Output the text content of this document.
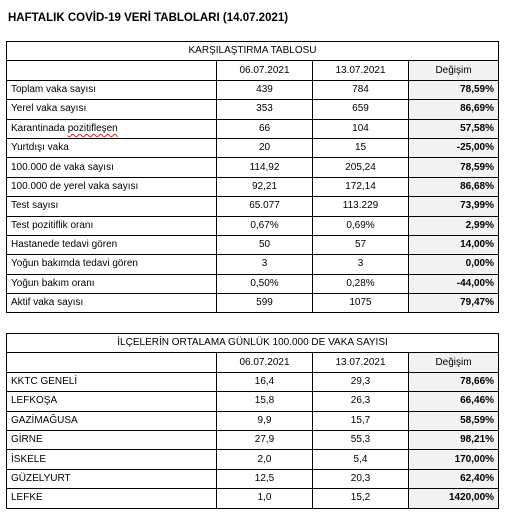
HAFTALIK COVİD-19 VERİ TABLOLARI (14.07.2021)
KARŞILAŞTIRMA TABLOSU			
	06.07.2021	13.07.2021	Değişim
Toplam vaka sayısı	439	784	78,59%
Yerel vaka sayısı	353	659	86,69%
Karantinada pozitifleşen	66	104	57,58%
Yurtdışı vaka	20	15	-25,00%
100.000 de vaka sayısı	114,92	205,24	78,59%
100.000 de yerel vaka sayısı	92,21	172,14	86,68%
Test sayısı	65.077	113.229	73,99%
Test pozitiflik oranı	0,67%	0,69%	2,99%
Hastanede tedavi gören	50	57	14,00%
Yoğun bakımda tedavi gören	3	3	0,00%
Yoğun bakım oranı	0,50%	0,28%	-44,00%
Aktif vaka sayısı	599	1075	79,47%
İLÇELERİN ORTALAMA GÜNLÜK 100.000 DE VAKA SAYISI			
	06.07.2021	13.07.2021	Değişim
KKTC GENELİ	16,4	29,3	78,66%
LEFKOŞA	15,8	26,3	66,46%
GAZİMAĞUSA	9,9	15,7	58,59%
GİRNE	27,9	55,3	98,21%
İSKELE	2,0	5,4	170,00%
GÜZELYURT	12,5	20,3	62,40%
LEFKE	1,0	15,2	1420,00%
